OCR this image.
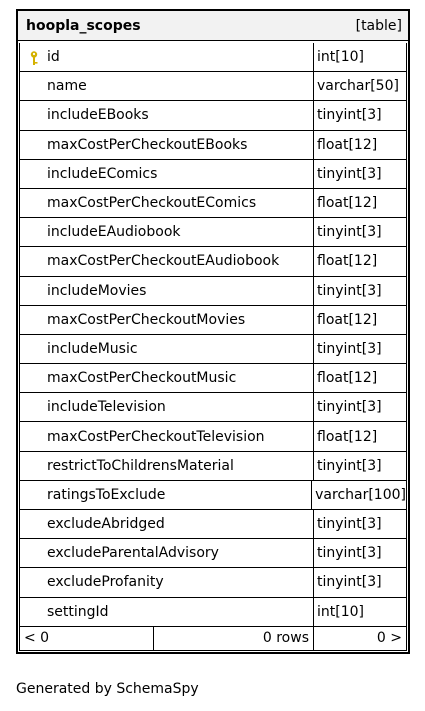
hoopla_scopes	[table]
id	int[10]
name	varchar[50]
includeEBooks	tinyint[3]
maxCostPerCheckoutEBooks	float[12]
includeEComics	tinyint[3]
maxCostPerCheckoutEComics	float[12]
includeEAudiobook	tinyint[3]
maxCostPerCheckoutEAudiobook	float[12]
includeMovies	tinyint[3]
maxCostPerCheckoutMovies	float[12]
includeMusic	tinyint[3]
maxCostPerCheckoutMusic	float[12]
includeTelevision	tinyint[3]
maxCostPerCheckoutTelevision	float[12]
restrictToChildrensMaterial	tinyint[3]
ratingsToExclude	varchar[100]
excludeAbridged	tinyint[3]
excludeParentalAdvisory	tinyint[3]
excludeProfanity	tinyint[3]
settingId	int[10]
< 0	0 rows	0 >
Generated by SchemaSpy
